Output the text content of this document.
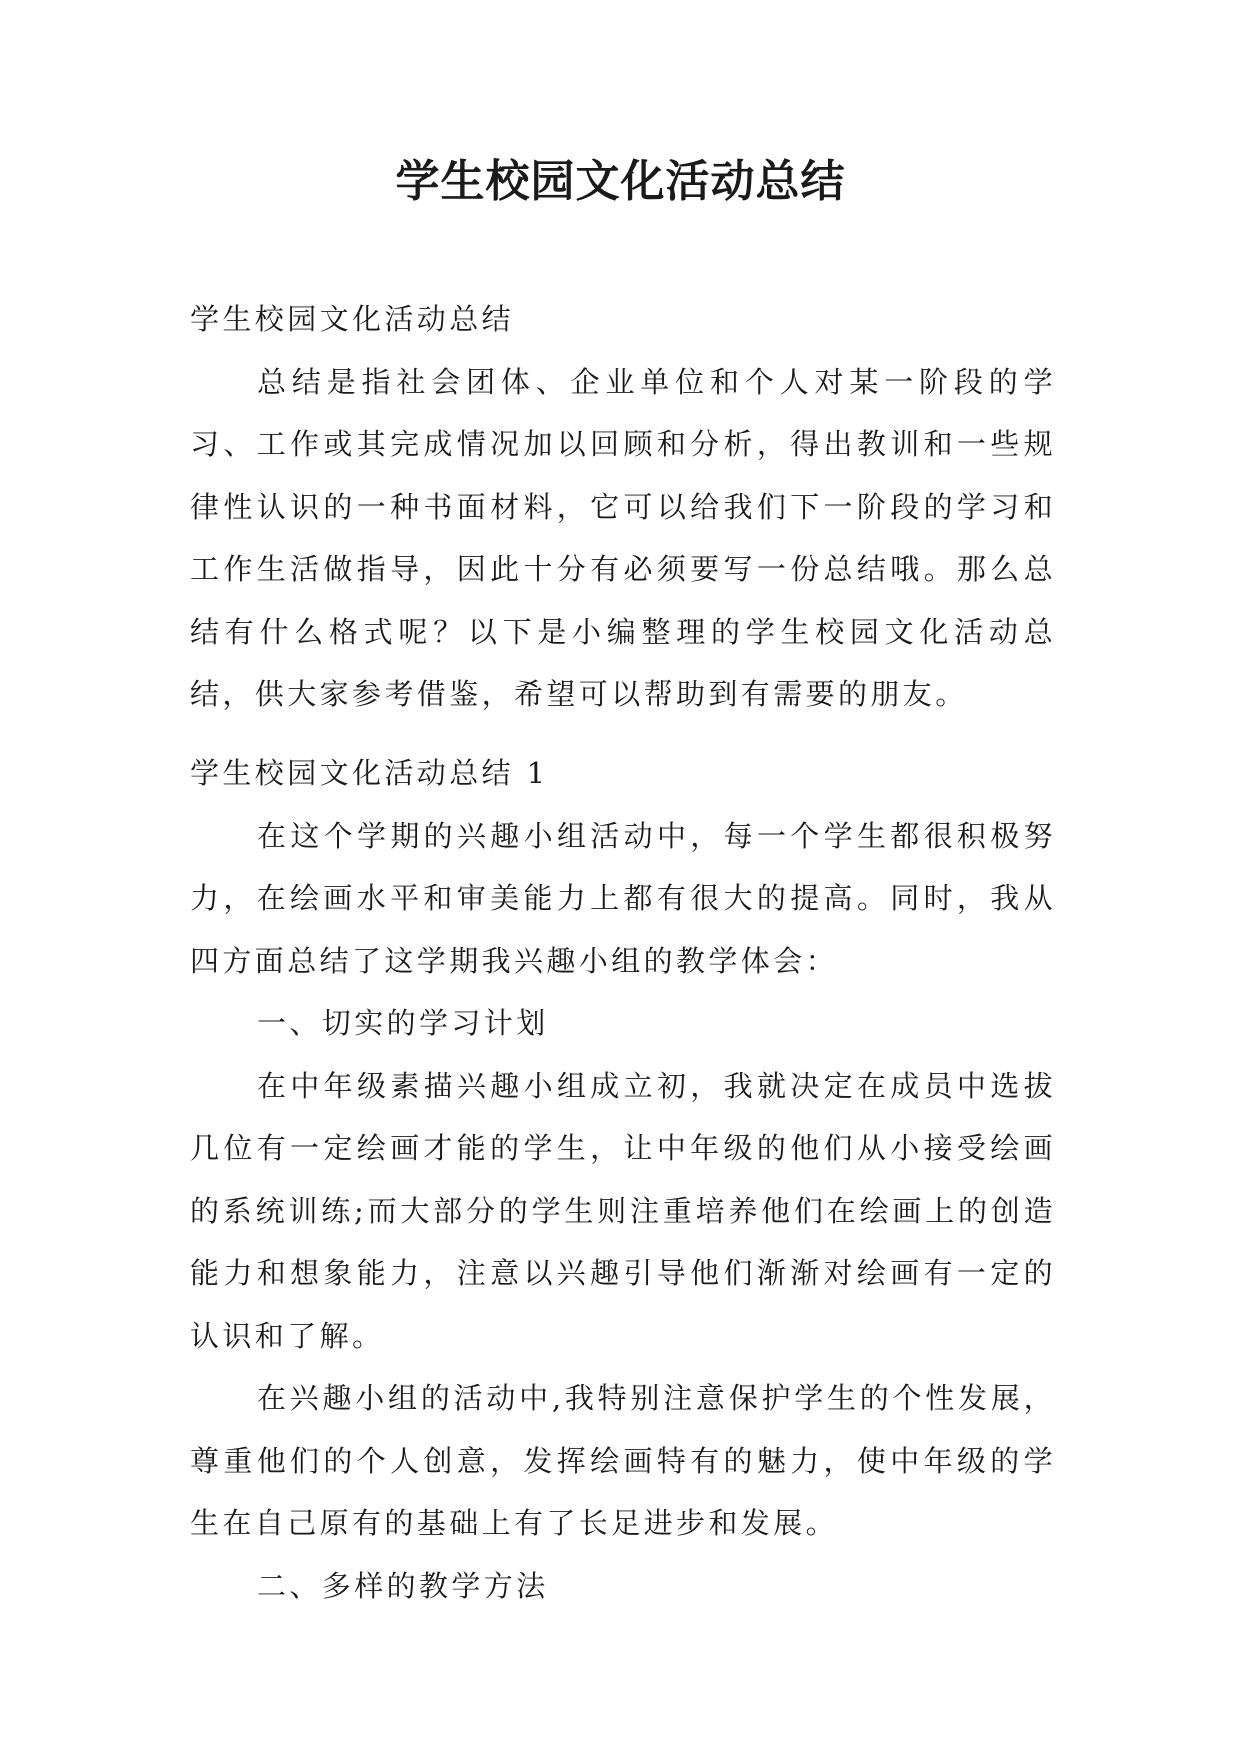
学生校园文化活动总结

学生校园文化活动总结

总结是指社会团体、企业单位和个人对某一阶段的学习、工作或其完成情况加以回顾和分析，得出教训和一些规律性认识的一种书面材料，它可以给我们下一阶段的学习和工作生活做指导，因此十分有必须要写一份总结哦。那么总结有什么格式呢？以下是小编整理的学生校园文化活动总结，供大家参考借鉴，希望可以帮助到有需要的朋友。

学生校园文化活动总结 1

在这个学期的兴趣小组活动中，每一个学生都很积极努力，在绘画水平和审美能力上都有很大的提高。同时，我从四方面总结了这学期我兴趣小组的教学体会：

一、切实的学习计划

在中年级素描兴趣小组成立初，我就决定在成员中选拔几位有一定绘画才能的学生，让中年级的他们从小接受绘画的系统训练;而大部分的学生则注重培养他们在绘画上的创造能力和想象能力，注意以兴趣引导他们渐渐对绘画有一定的认识和了解。

在兴趣小组的活动中,我特别注意保护学生的个性发展，尊重他们的个人创意，发挥绘画特有的魅力，使中年级的学生在自己原有的基础上有了长足进步和发展。

二、多样的教学方法
